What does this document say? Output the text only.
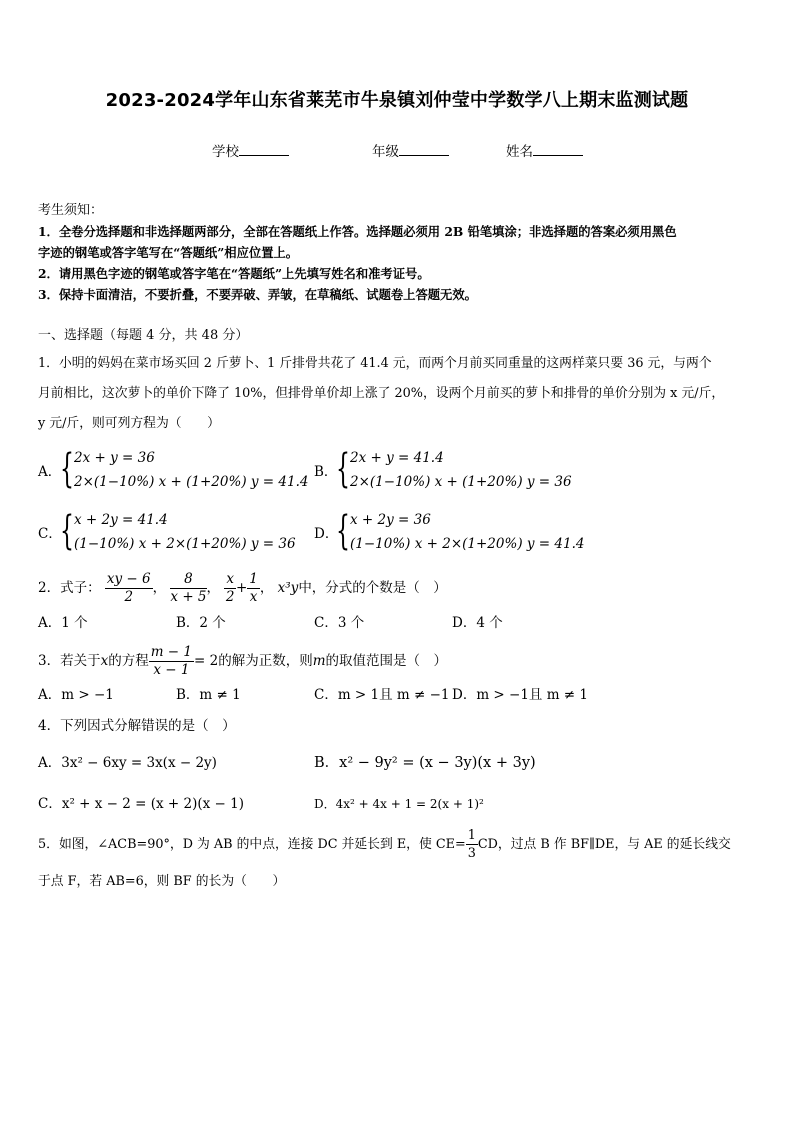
2023-2024学年山东省莱芜市牛泉镇刘仲莹中学数学八上期末监测试题
学校	年级	姓名
考生须知：
1．全卷分选择题和非选择题两部分，全部在答题纸上作答。选择题必须用 2B 铅笔填涂；非选择题的答案必须用黑色
字迹的钢笔或答字笔写在“答题纸”相应位置上。
2．请用黑色字迹的钢笔或答字笔在“答题纸”上先填写姓名和准考证号。
3．保持卡面清洁，不要折叠，不要弄破、弄皱，在草稿纸、试题卷上答题无效。
一、选择题（每题 4 分，共 48 分）
1．小明的妈妈在菜市场买回 2 斤萝卜、1 斤排骨共花了 41.4 元，而两个月前买同重量的这两样菜只要 36 元，与两个
月前相比，这次萝卜的单价下降了 10%，但排骨单价却上涨了 20%，设两个月前买的萝卜和排骨的单价分别为 x 元/斤，
y 元/斤，则可列方程为（　　）
A．
{ 2x + y = 36
2×(1−10%) x + (1+20%) y = 41.4
B．
{ 2x + y = 41.4
2×(1−10%) x + (1+20%) y = 36
C．
{ x + 2y = 41.4
(1−10%) x + 2×(1+20%) y = 36
D．
{ x + 2y = 36
(1−10%) x + 2×(1+20%) y = 41.4
2．式子： $\frac{xy - 6}{2}$ ， $\frac{8}{x + 5}$ ， $\frac{x}{2} + \frac{1}{x}$ ， x³y中，分式的个数是（　）
A．1 个	B．2 个	C．3 个	D．4 个
3．若关于x的方程 $\frac{m - 1}{x - 1} = 2$的解为正数，则m的取值范围是（　）
A．m > −1	B．m ≠ 1	C．m > 1且 m ≠ −1 D．m > −1且 m ≠ 1
4．下列因式分解错误的是（　）
A．3x² − 6xy = 3x(x − 2y)	B．x² − 9y² = (x − 3y)(x + 3y)
C．x² + x − 2 = (x + 2)(x − 1)	D．4x² + 4x + 1 = 2(x + 1)²
5．如图，∠ACB=90°，D 为 AB 的中点，连接 DC 并延长到 E，使 $CE= \frac{1}{3}$ CD，过点 B 作 BF∥DE，与 AE 的延长线交
于点 F，若 AB=6，则 BF 的长为（　　）
